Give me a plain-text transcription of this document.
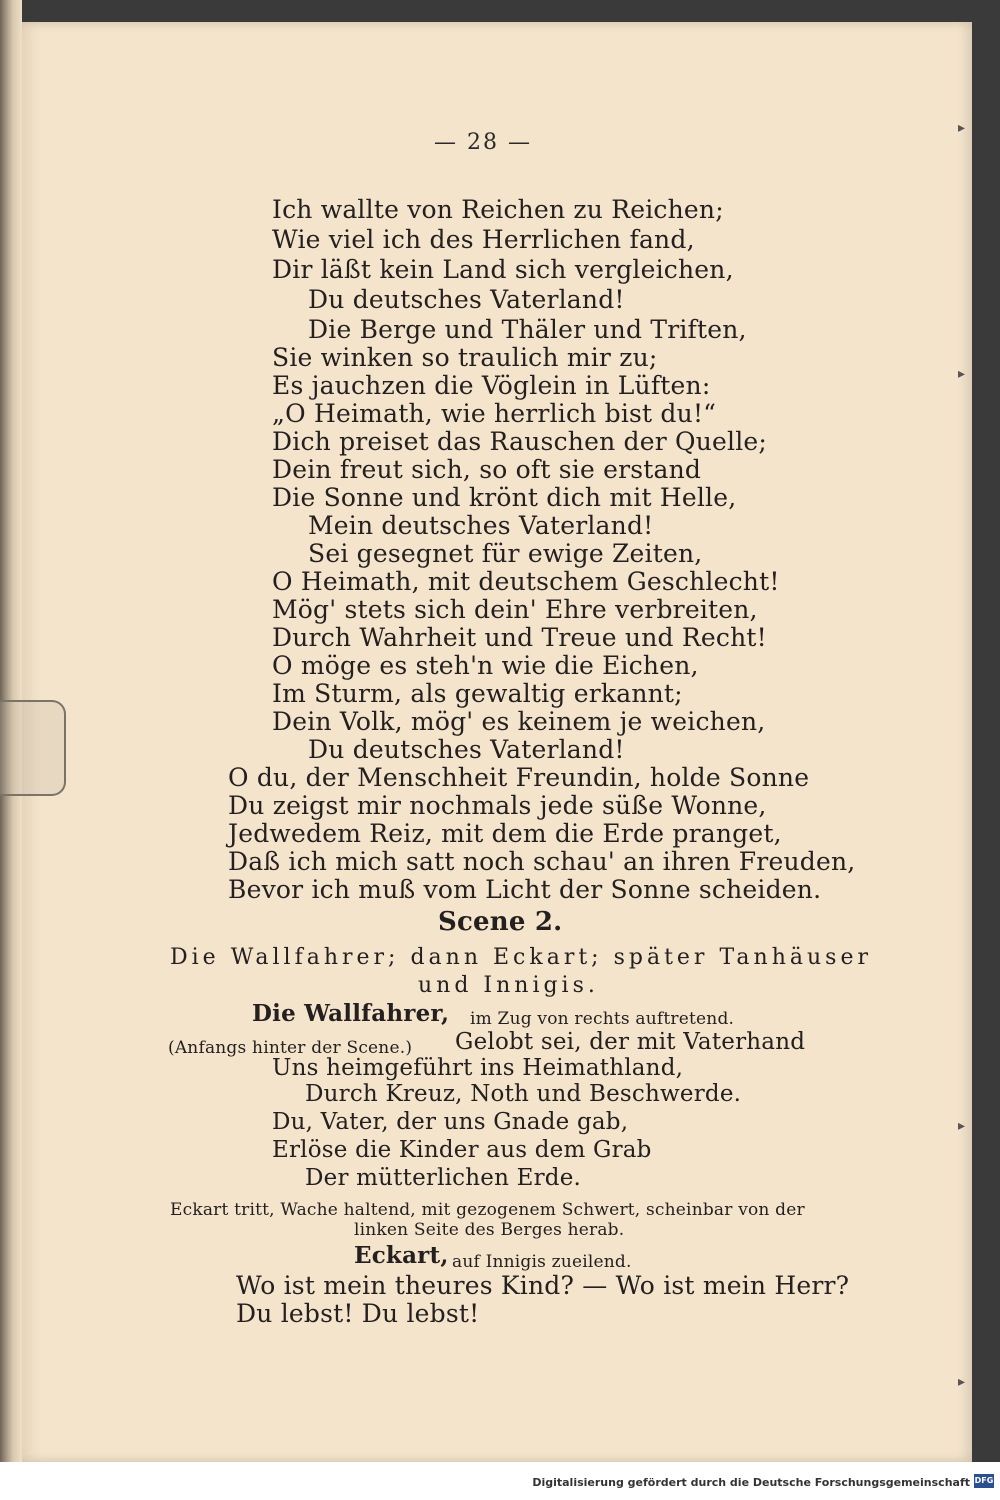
— 28 —
Ich wallte von Reichen zu Reichen;
Wie viel ich des Herrlichen fand,
Dir läßt kein Land sich vergleichen,
Du deutsches Vaterland!
Die Berge und Thäler und Triften,
Sie winken so traulich mir zu;
Es jauchzen die Vöglein in Lüften:
„O Heimath, wie herrlich bist du!“
Dich preiset das Rauschen der Quelle;
Dein freut sich, so oft sie erstand
Die Sonne und krönt dich mit Helle,
Mein deutsches Vaterland!
Sei gesegnet für ewige Zeiten,
O Heimath, mit deutschem Geschlecht!
Mög' stets sich dein' Ehre verbreiten,
Durch Wahrheit und Treue und Recht!
O möge es steh'n wie die Eichen,
Im Sturm, als gewaltig erkannt;
Dein Volk, mög' es keinem je weichen,
Du deutsches Vaterland!
O du, der Menschheit Freundin, holde Sonne
Du zeigst mir nochmals jede süße Wonne,
Jedwedem Reiz, mit dem die Erde pranget,
Daß ich mich satt noch schau' an ihren Freuden,
Bevor ich muß vom Licht der Sonne scheiden.
Scene 2.
Die Wallfahrer; dann Eckart; später Tanhäuser
und Innigis.
Die Wallfahrer, im Zug von rechts auftretend.
(Anfangs hinter der Scene.) Gelobt sei, der mit Vaterhand
Uns heimgeführt ins Heimathland,
Durch Kreuz, Noth und Beschwerde.
Du, Vater, der uns Gnade gab,
Erlöse die Kinder aus dem Grab
Der mütterlichen Erde.
Eckart tritt, Wache haltend, mit gezogenem Schwert, scheinbar von der
linken Seite des Berges herab.
Eckart, auf Innigis zueilend.
Wo ist mein theures Kind? — Wo ist mein Herr?
Du lebst! Du lebst!
▸
▸
▸
▸
Digitalisierung gefördert durch die Deutsche Forschungsgemeinschaft DFG
